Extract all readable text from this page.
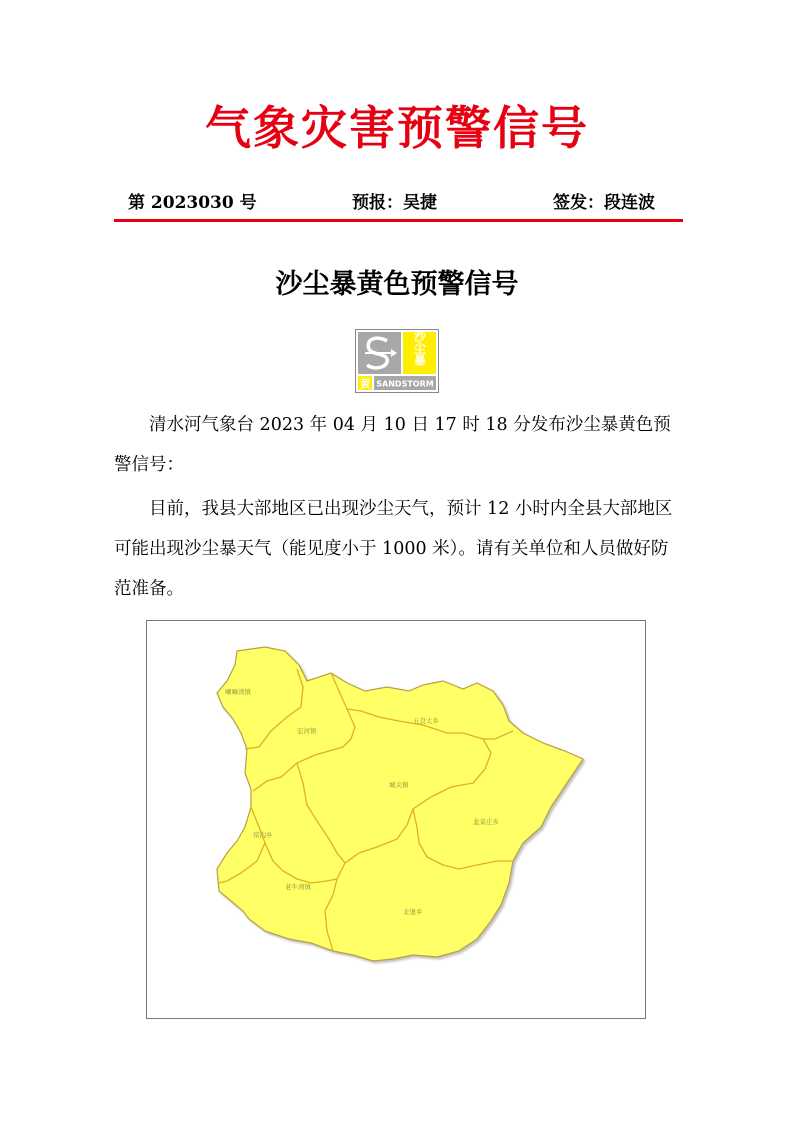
气象灾害预警信号
第 2023030 号	预报：吴捷	签发：段连波
沙尘暴黄色预警信号
沙尘暴
黄 SANDSTORM

清水河气象台 2023 年 04 月 10 日 17 时 18 分发布沙尘暴黄色预警信号：

目前，我县大部地区已出现沙尘天气，预计 12 小时内全县大部地区可能出现沙尘暴天气（能见度小于 1000 米）。请有关单位和人员做好防范准备。

喇嘛湾镇
宏河镇
五良太乡
城关镇
窑沟乡
韭菜庄乡
老牛湾镇
北堡乡
